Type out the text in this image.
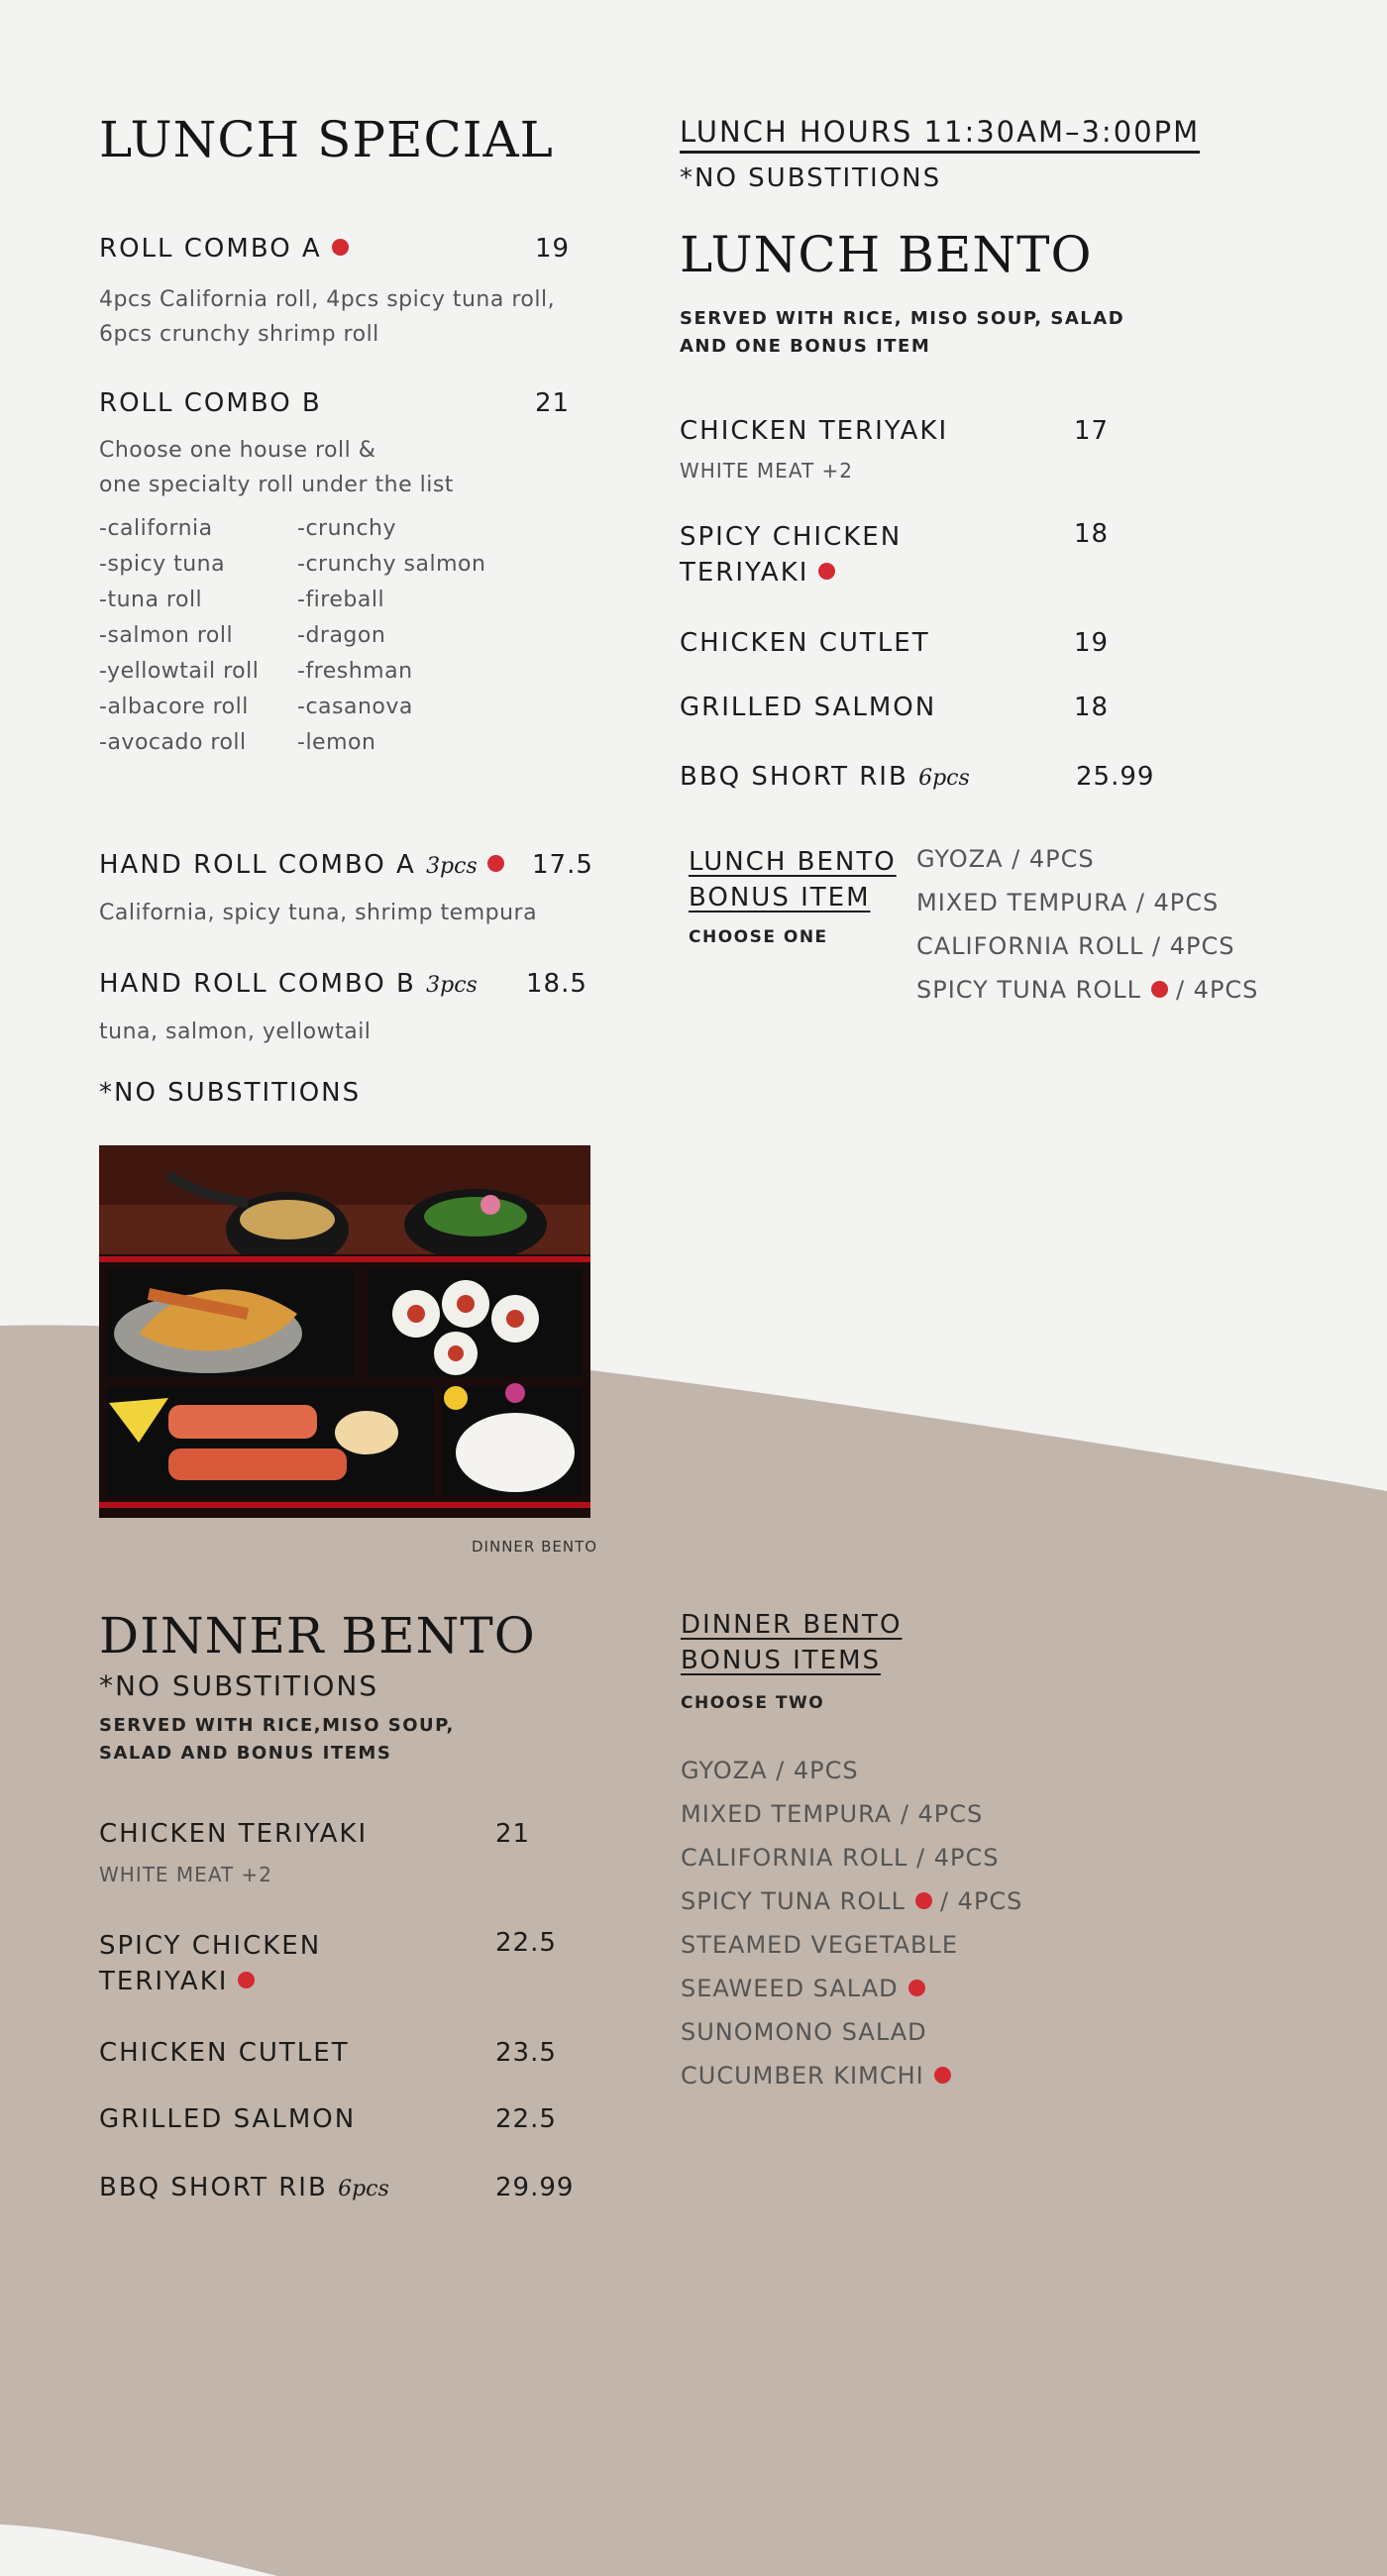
LUNCH SPECIAL
ROLL COMBO A	19
4pcs California roll, 4pcs spicy tuna roll,
6pcs crunchy shrimp roll
ROLL COMBO B	21
Choose one house roll &
one specialty roll under the list
-california
-spicy tuna
-tuna roll
-salmon roll
-yellowtail roll
-albacore roll
-avocado roll
-crunchy
-crunchy salmon
-fireball
-dragon
-freshman
-casanova
-lemon
HAND ROLL COMBO A 3pcs	17.5
California, spicy tuna, shrimp tempura
HAND ROLL COMBO B 3pcs 18.5
tuna, salmon, yellowtail
*NO SUBSTITIONS
DINNER BENTO
LUNCH HOURS 11:30AM–3:00PM
*NO SUBSTITIONS
LUNCH BENTO
SERVED WITH RICE, MISO SOUP, SALAD
AND ONE BONUS ITEM
CHICKEN TERIYAKI	17
WHITE MEAT +2
SPICY CHICKEN
TERIYAKI
18
CHICKEN CUTLET	19
GRILLED SALMON	18
BBQ SHORT RIB 6pcs	25.99
LUNCH BENTO
BONUS ITEM
CHOOSE ONE
GYOZA / 4PCS
MIXED TEMPURA / 4PCS
CALIFORNIA ROLL / 4PCS
SPICY TUNA ROLL / 4PCS
DINNER BENTO
*NO SUBSTITIONS
SERVED WITH RICE,MISO SOUP,
SALAD AND BONUS ITEMS
CHICKEN TERIYAKI	21
WHITE MEAT +2
SPICY CHICKEN
TERIYAKI
22.5
CHICKEN CUTLET	23.5
GRILLED SALMON	22.5
BBQ SHORT RIB 6pcs	29.99
DINNER BENTO
BONUS ITEMS
CHOOSE TWO
GYOZA / 4PCS
MIXED TEMPURA / 4PCS
CALIFORNIA ROLL / 4PCS
SPICY TUNA ROLL / 4PCS
STEAMED VEGETABLE
SEAWEED SALAD
SUNOMONO SALAD
CUCUMBER KIMCHI
